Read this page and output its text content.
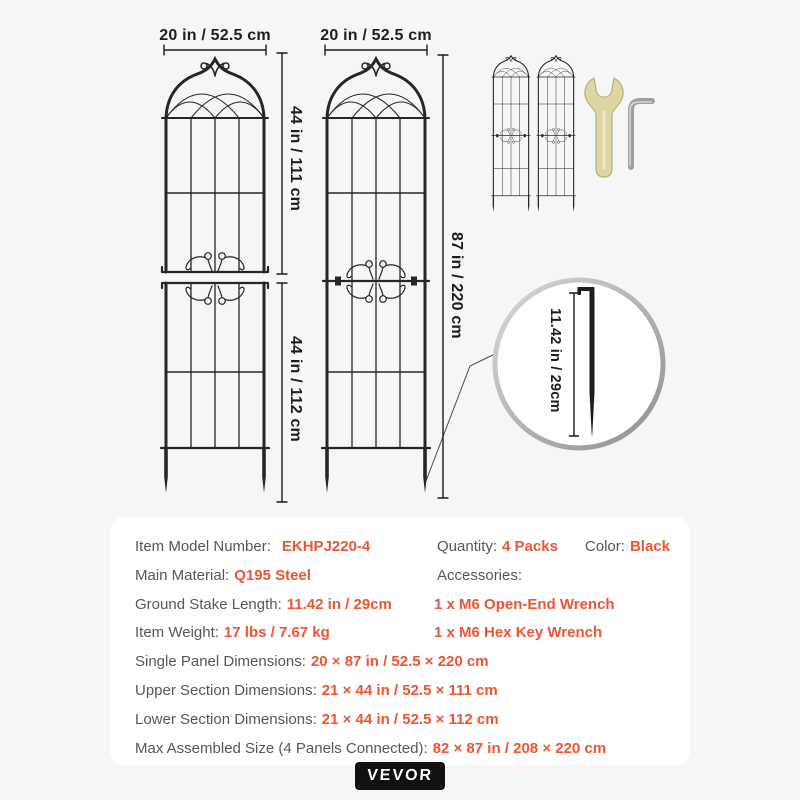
20 in / 52.5 cm	20 in / 52.5 cm
44 in / 111 cm
44 in / 112 cm
87 in / 220 cm
11.42 in / 29cm
Item Model Number: EKHPJ220-4
Main Material: Q195 Steel
Ground Stake Length: 11.42 in / 29cm
Item Weight: 17 lbs / 7.67 kg
Single Panel Dimensions: 20 × 87 in / 52.5 × 220 cm
Upper Section Dimensions: 21 × 44 in / 52.5 × 111 cm
Lower Section Dimensions: 21 × 44 in / 52.5 × 112 cm
Max Assembled Size (4 Panels Connected): 82 × 87 in / 208 × 220 cm
Quantity: 4 Packs Color: Black
Accessories:
1 x M6 Open-End Wrench
1 x M6 Hex Key Wrench
VEVOR
